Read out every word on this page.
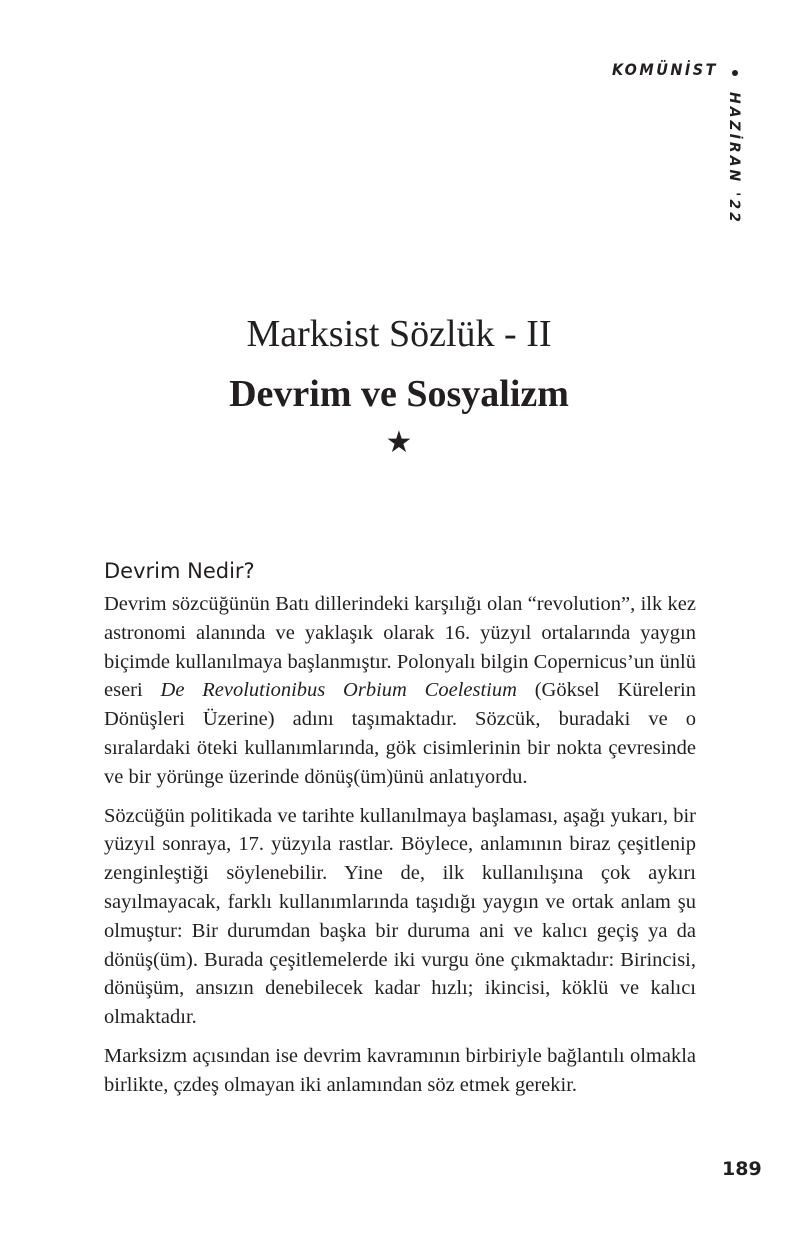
KOMÜNİST
HAZİRAN '22
Marksist Sözlük - II
Devrim ve Sosyalizm
★
Devrim Nedir?

Devrim sözcüğünün Batı dillerindeki karşılığı olan “revolution”, ilk kez astronomi alanında ve yaklaşık olarak 16. yüzyıl ortalarında yaygın biçimde kullanılmaya başlanmıştır. Polonyalı bilgin Copernicus’un ünlü eseri De Revolutionibus Orbium Coelestium (Göksel Kürelerin Dönüşleri Üzerine) adını taşımaktadır. Sözcük, buradaki ve o sıralardaki öteki kullanımlarında, gök cisimlerinin bir nokta çevresinde ve bir yörünge üzerinde dönüş(üm)ünü anlatıyordu.

Sözcüğün politikada ve tarihte kullanılmaya başlaması, aşağı yukarı, bir yüzyıl sonraya, 17. yüzyıla rastlar. Böylece, anlamının biraz çeşitlenip zenginleştiği söylenebilir. Yine de, ilk kullanılışına çok aykırı sayılmayacak, farklı kullanımlarında taşıdığı yaygın ve ortak anlam şu olmuştur: Bir durumdan başka bir duruma ani ve kalıcı geçiş ya da dönüş(üm). Burada çeşitlemelerde iki vurgu öne çıkmaktadır: Birincisi, dönüşüm, ansızın denebilecek kadar hızlı; ikincisi, köklü ve kalıcı olmaktadır.

Marksizm açısından ise devrim kavramının birbiriyle bağlantılı olmakla birlikte, çzdeş olmayan iki anlamından söz etmek gerekir.

189
